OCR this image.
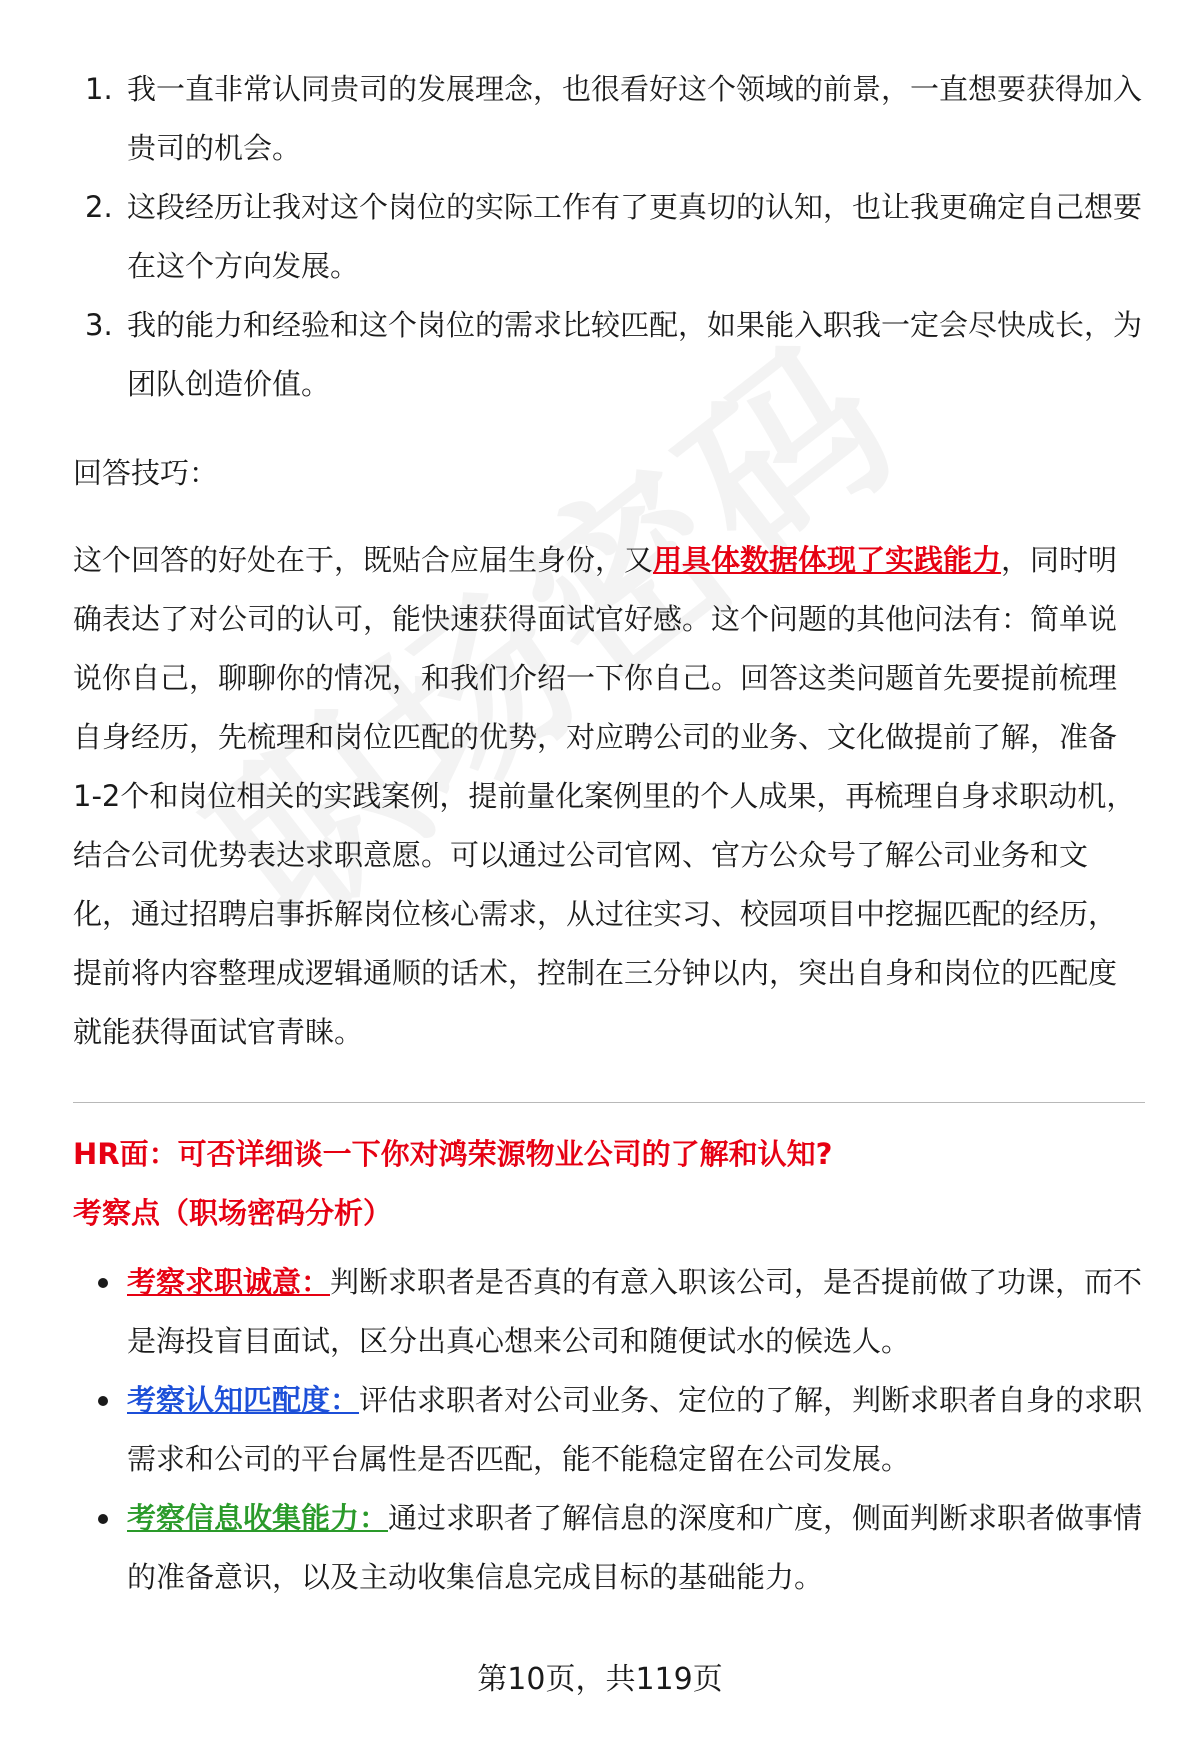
1. 我一直非常认同贵司的发展理念，也很看好这个领域的前景，一直想要获得加入贵司的机会。
2. 这段经历让我对这个岗位的实际工作有了更真切的认知，也让我更确定自己想要在这个方向发展。
3. 我的能力和经验和这个岗位的需求比较匹配，如果能入职我一定会尽快成长，为团队创造价值。
回答技巧：
这个回答的好处在于，既贴合应届生身份，又用具体数据体现了实践能力，同时明确表达了对公司的认可，能快速获得面试官好感。这个问题的其他问法有：简单说说你自己，聊聊你的情况，和我们介绍一下你自己。回答这类问题首先要提前梳理自身经历，先梳理和岗位匹配的优势，对应聘公司的业务、文化做提前了解，准备1-2个和岗位相关的实践案例，提前量化案例里的个人成果，再梳理自身求职动机，结合公司优势表达求职意愿。可以通过公司官网、官方公众号了解公司业务和文化，通过招聘启事拆解岗位核心需求，从过往实习、校园项目中挖掘匹配的经历，提前将内容整理成逻辑通顺的话术，控制在三分钟以内，突出自身和岗位的匹配度就能获得面试官青睐。
HR面：可否详细谈一下你对鸿荣源物业公司的了解和认知?
考察点（职场密码分析）
考察求职诚意：判断求职者是否真的有意入职该公司，是否提前做了功课，而不是海投盲目面试，区分出真心想来公司和随便试水的候选人。
考察认知匹配度：评估求职者对公司业务、定位的了解，判断求职者自身的求职需求和公司的平台属性是否匹配，能不能稳定留在公司发展。
考察信息收集能力：通过求职者了解信息的深度和广度，侧面判断求职者做事情的准备意识，以及主动收集信息完成目标的基础能力。
第10页，共119页
